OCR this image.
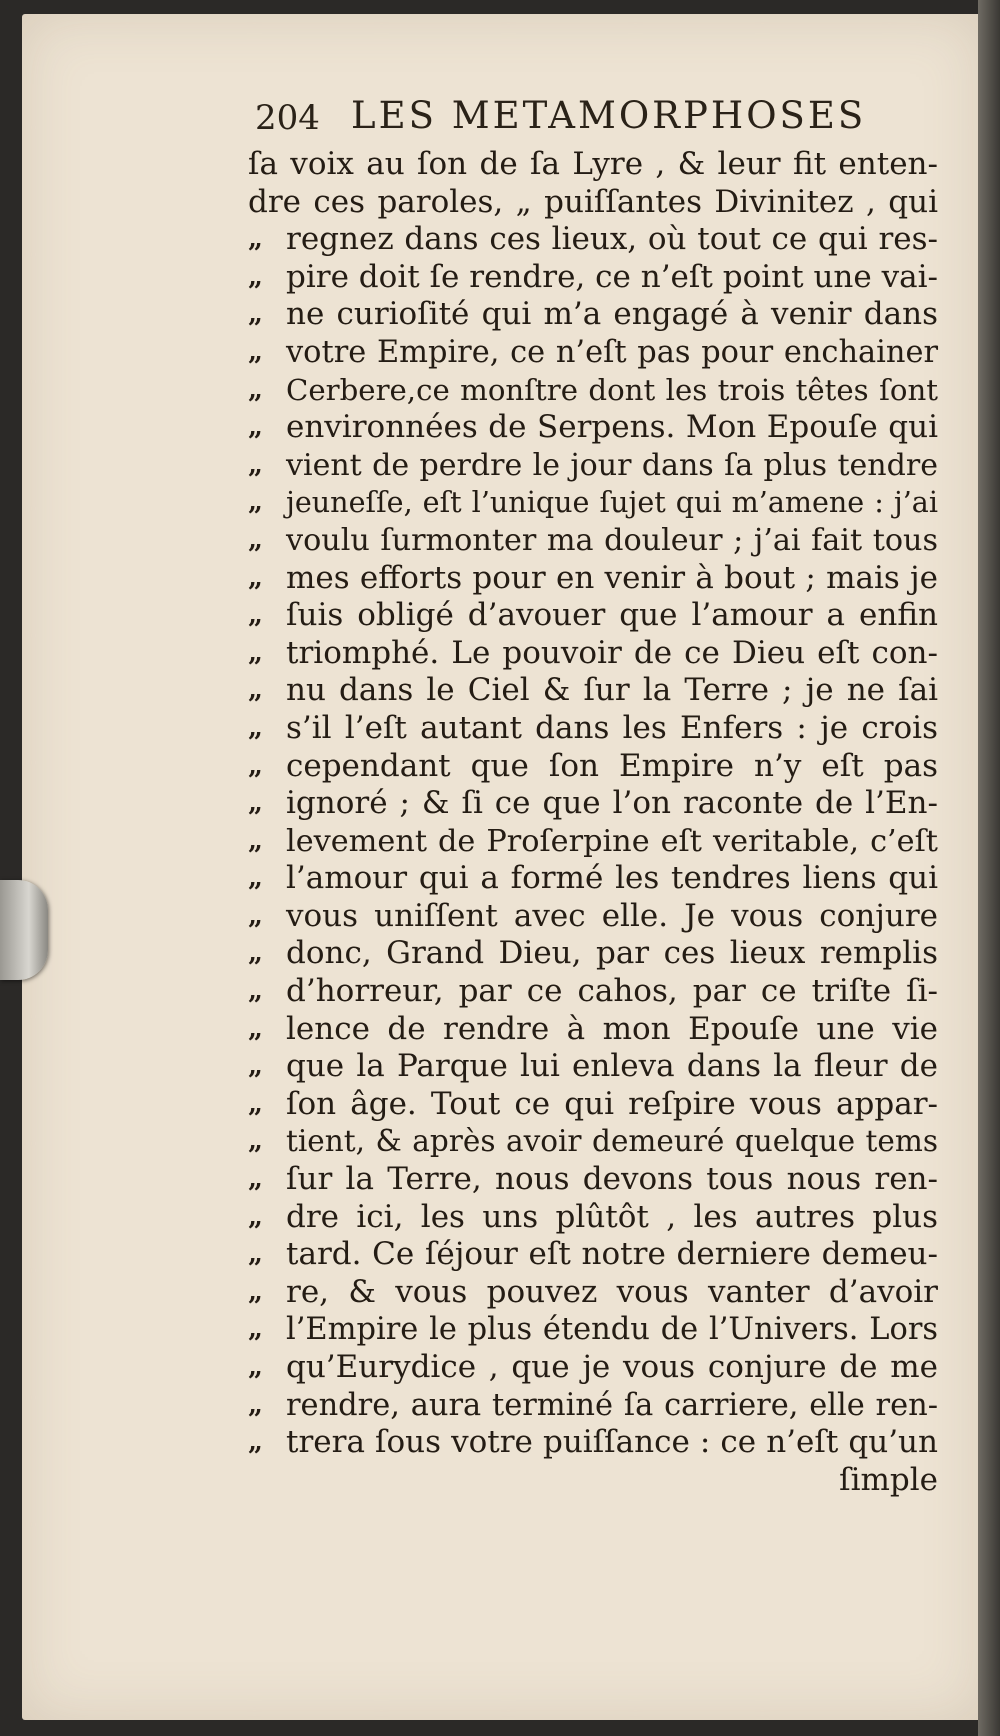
204 LES METAMORPHOSES
ſa voix au ſon de ſa Lyre , & leur fit enten-
dre ces paroles, „ puiſſantes Divinitez , qui
„ regnez dans ces lieux, où tout ce qui res-
„ pire doit ſe rendre, ce n’eſt point une vai-
„ ne curioſité qui m’a engagé à venir dans
„ votre Empire, ce n’eſt pas pour enchainer
„ Cerbere,ce monſtre dont les trois têtes ſont
„ environnées de Serpens. Mon Epouſe qui
„ vient de perdre le jour dans ſa plus tendre
„ jeuneſſe, eſt l’unique ſujet qui m’amene : j’ai
„ voulu ſurmonter ma douleur ; j’ai fait tous
„ mes efforts pour en venir à bout ; mais je
„ ſuis obligé d’avouer que l’amour a enfin
„ triomphé. Le pouvoir de ce Dieu eſt con-
„ nu dans le Ciel & ſur la Terre ; je ne ſai
„ s’il l’eſt autant dans les Enfers : je crois
„ cependant que ſon Empire n’y eſt pas
„ ignoré ; & ſi ce que l’on raconte de l’En-
„ levement de Proſerpine eſt veritable, c’eſt
„ l’amour qui a formé les tendres liens qui
„ vous uniſſent avec elle. Je vous conjure
„ donc, Grand Dieu, par ces lieux remplis
„ d’horreur, par ce cahos, par ce triſte ſi-
„ lence de rendre à mon Epouſe une vie
„ que la Parque lui enleva dans la fleur de
„ ſon âge. Tout ce qui reſpire vous appar-
„ tient, & après avoir demeuré quelque tems
„ ſur la Terre, nous devons tous nous ren-
„ dre ici, les uns plûtôt , les autres plus
„ tard. Ce ſéjour eſt notre derniere demeu-
„ re, & vous pouvez vous vanter d’avoir
„ l’Empire le plus étendu de l’Univers. Lors
„ qu’Eurydice , que je vous conjure de me
„ rendre, aura terminé ſa carriere, elle ren-
„ trera ſous votre puiſſance : ce n’eſt qu’un
ſimple
